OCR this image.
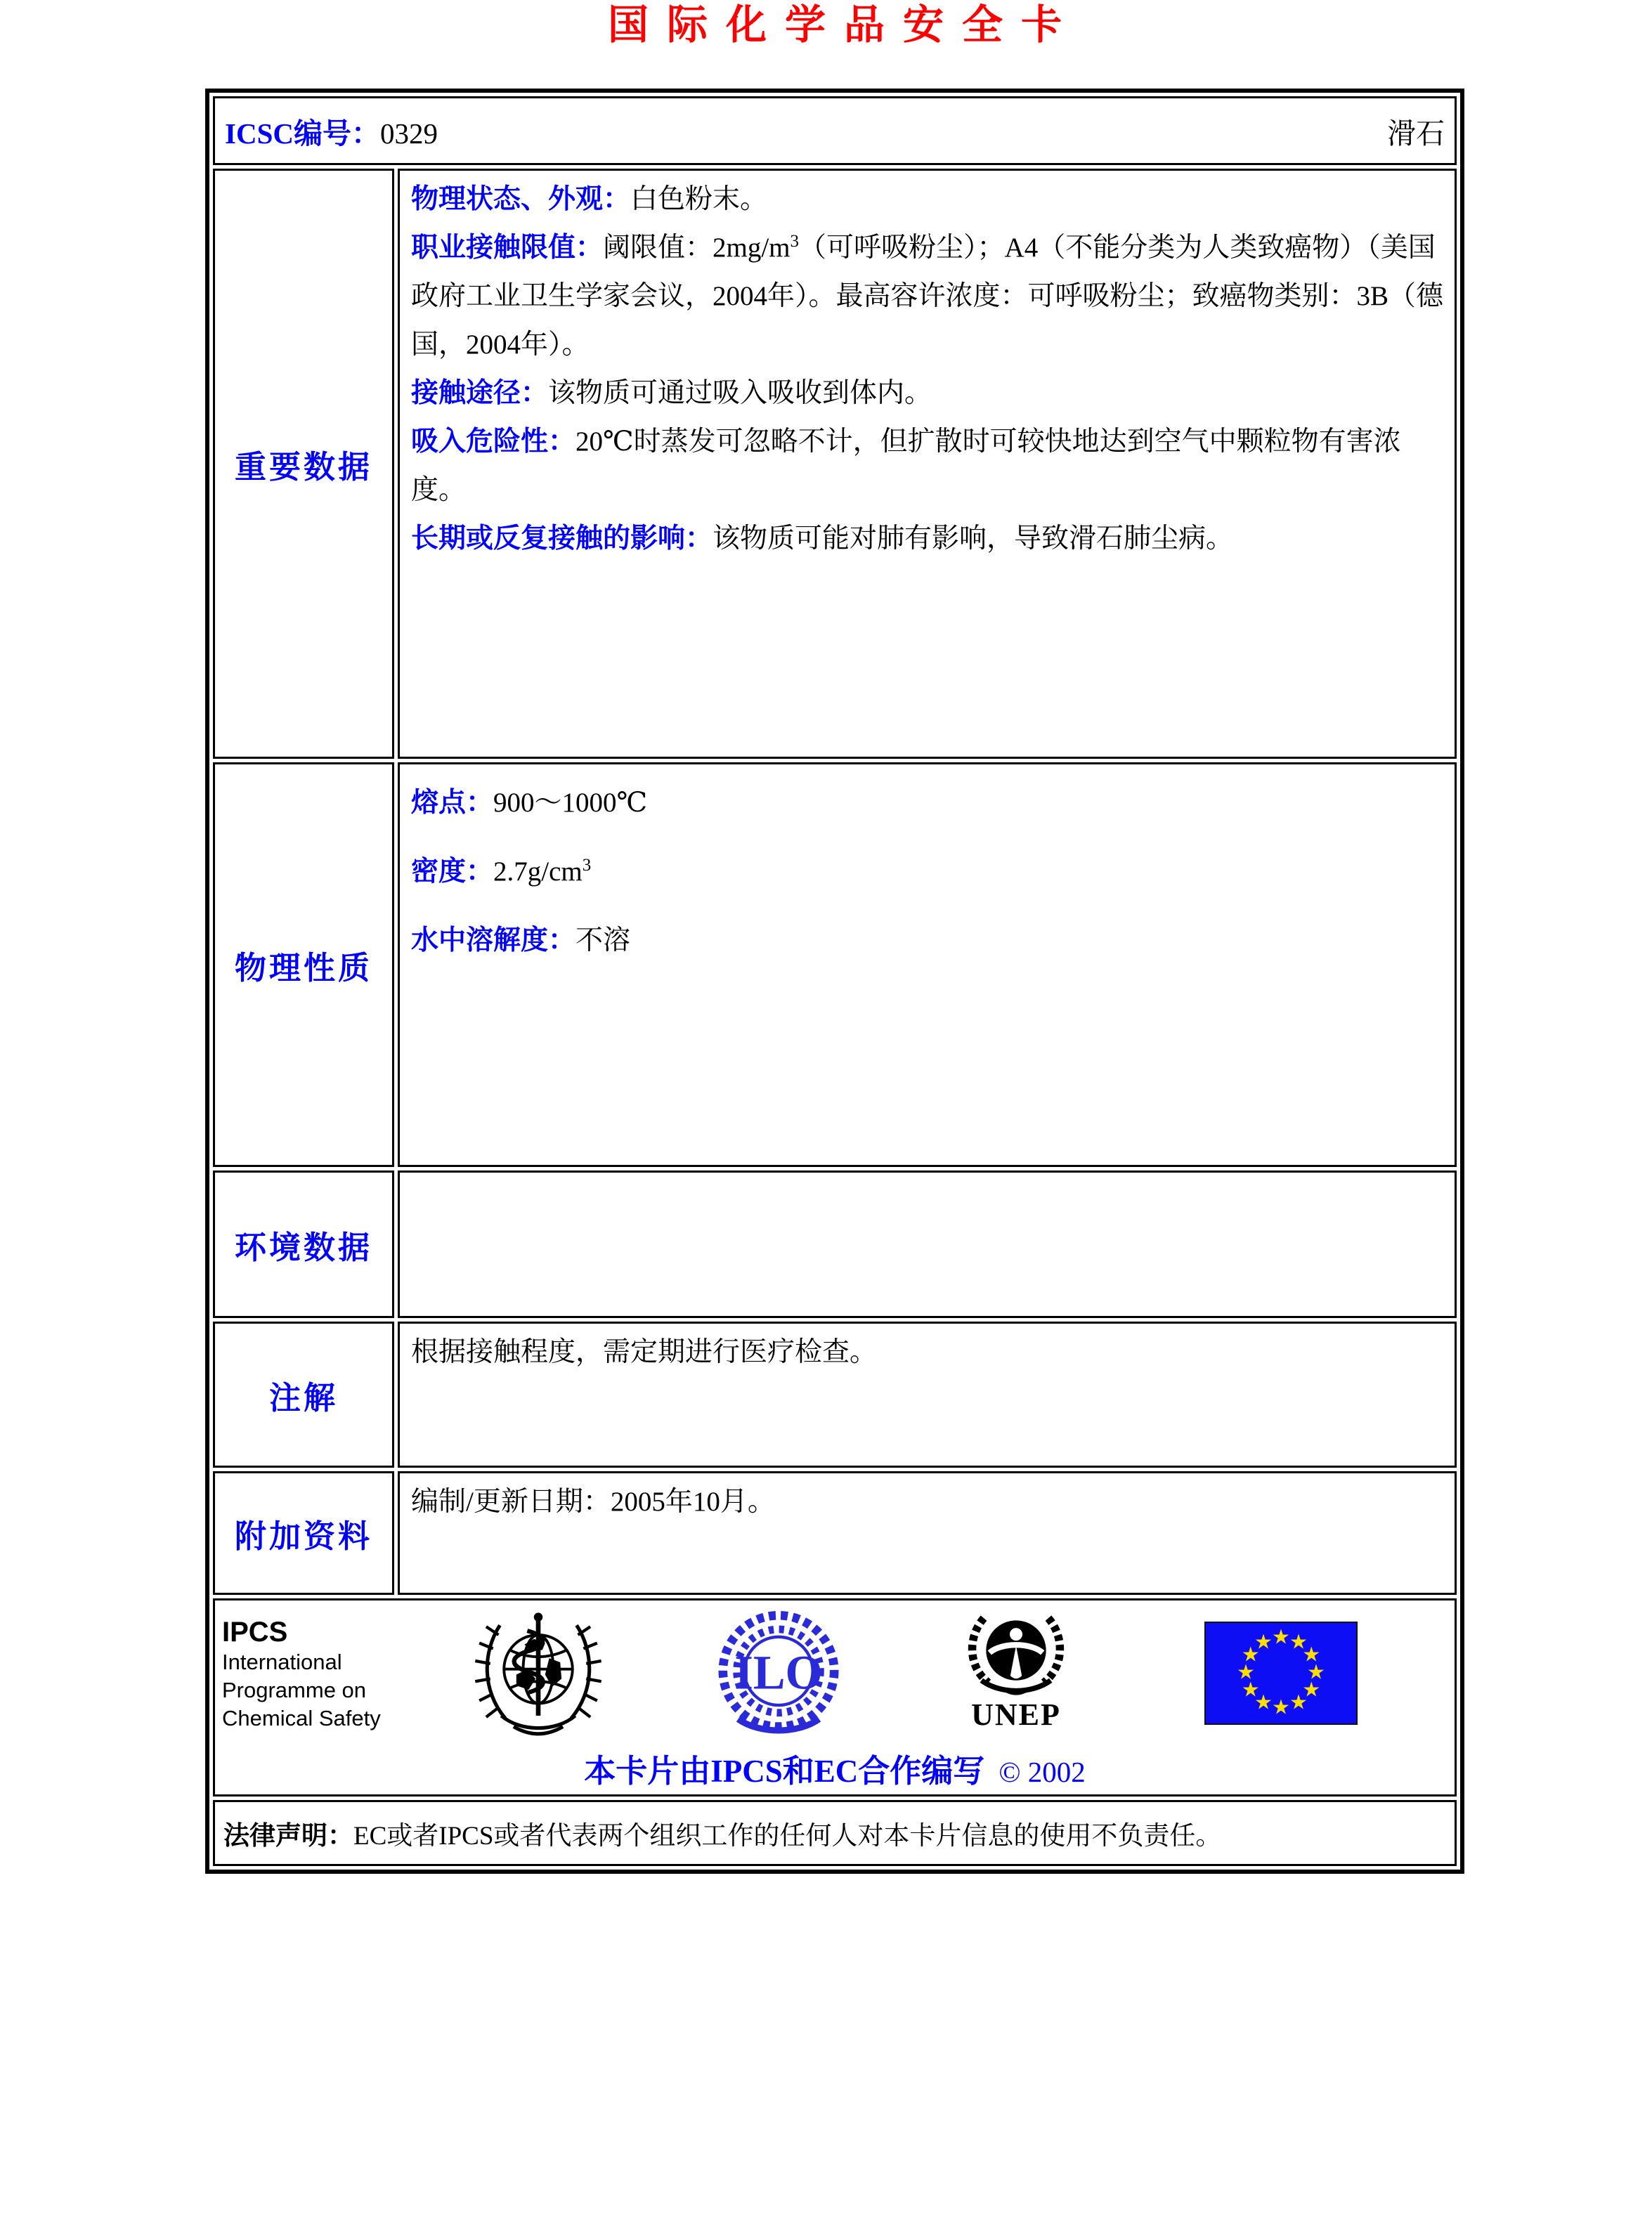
国际化学品安全卡
ICSC编号：0329 滑石	

重要数据	物理状态、外观：白色粉末。

职业接触限值：阈限值：$2mg/m^3$（可呼吸粉尘）；A4（不能分类为人类致癌物）（美国政府工业卫生学家会议，2004年）。最高容许浓度：可呼吸粉尘；致癌物类别：3B（德国，2004年）。

接触途径：该物质可通过吸入吸收到体内。

吸入危险性：20℃时蒸发可忽略不计，但扩散时可较快地达到空气中颗粒物有害浓度。

长期或反复接触的影响：该物质可能对肺有影响，导致滑石肺尘病。

物理性质	熔点：900～1000℃

密度：$2.7g/cm^3$

水中溶解度：不溶

环境数据	
注解	根据接触程度，需定期进行医疗检查。

附加资料	编制/更新日期：2005年10月。

IPCS
International
Programme on
Chemical Safety
ILO
UNEP
★ ★
★
★
★
★
★
★
★
★
★
★
本卡片由IPCS和EC合作编写 © 2002

法律声明：EC或者IPCS或者代表两个组织工作的任何人对本卡片信息的使用不负责任。	
